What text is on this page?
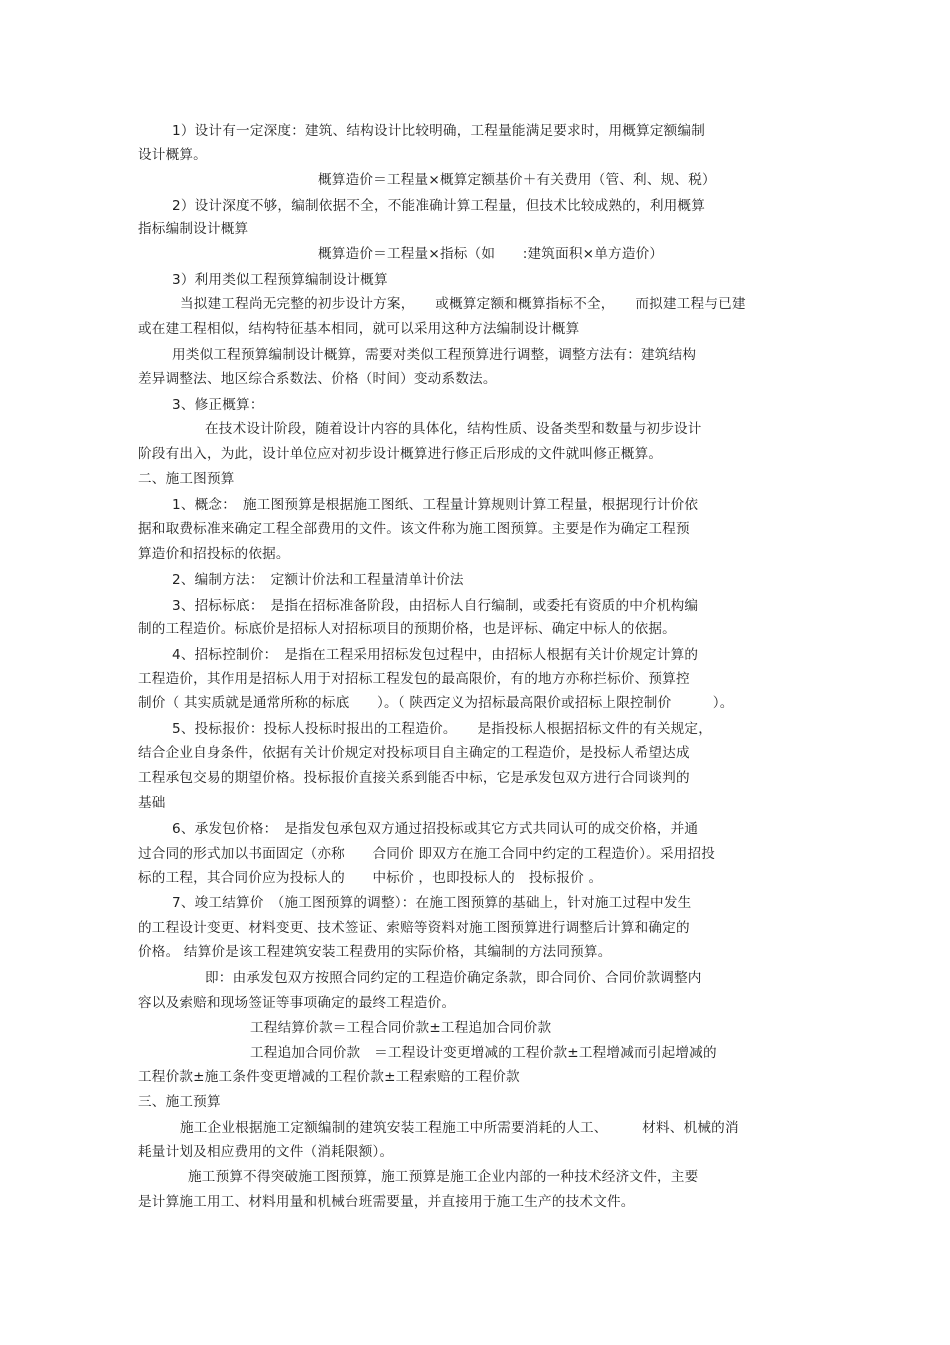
1）设计有一定深度：建筑、结构设计比较明确，工程量能满足要求时，用概算定额编制
设计概算。
概算造价＝工程量×概算定额基价＋有关费用（管、利、规、税）
2）设计深度不够，编制依据不全，不能准确计算工程量，但技术比较成熟的，利用概算
指标编制设计概算
概算造价＝工程量×指标（如　　:建筑面积×单方造价）
3）利用类似工程预算编制设计概算
当拟建工程尚无完整的初步设计方案，　　或概算定额和概算指标不全，　　而拟建工程与已建
或在建工程相似，结构特征基本相同，就可以采用这种方法编制设计概算
用类似工程预算编制设计概算，需要对类似工程预算进行调整，调整方法有：建筑结构
差异调整法、地区综合系数法、价格（时间）变动系数法。
3、修正概算：
在技术设计阶段，随着设计内容的具体化，结构性质、设备类型和数量与初步设计
阶段有出入，为此，设计单位应对初步设计概算进行修正后形成的文件就叫修正概算。
二、施工图预算
1、概念：　施工图预算是根据施工图纸、工程量计算规则计算工程量，根据现行计价依
据和取费标准来确定工程全部费用的文件。该文件称为施工图预算。主要是作为确定工程预
算造价和招投标的依据。
2、编制方法：　定额计价法和工程量清单计价法
3、招标标底：　是指在招标准备阶段，由招标人自行编制，或委托有资质的中介机构编
制的工程造价。标底价是招标人对招标项目的预期价格，也是评标、确定中标人的依据。
4、招标控制价：　是指在工程采用招标发包过程中，由招标人根据有关计价规定计算的
工程造价，其作用是招标人用于对招标工程发包的最高限价，有的地方亦称拦标价、预算控
制价（ 其实质就是通常所称的标底　　）。（ 陕西定义为招标最高限价或招标上限控制价　　　）。
5、投标报价：投标人投标时报出的工程造价。　　是指投标人根据招标文件的有关规定，
结合企业自身条件，依据有关计价规定对投标项目自主确定的工程造价，是投标人希望达成
工程承包交易的期望价格。投标报价直接关系到能否中标，它是承发包双方进行合同谈判的
基础
6、承发包价格：　是指发包承包双方通过招投标或其它方式共同认可的成交价格，并通
过合同的形式加以书面固定（亦称　　合同价 即双方在施工合同中约定的工程造价）。采用招投
标的工程，其合同价应为投标人的　　中标价 ，也即投标人的　投标报价 。
7、竣工结算价　（施工图预算的调整）：在施工图预算的基础上，针对施工过程中发生
的工程设计变更、材料变更、技术签证、索赔等资料对施工图预算进行调整后计算和确定的
价格。 结算价是该工程建筑安装工程费用的实际价格，其编制的方法同预算。
即：由承发包双方按照合同约定的工程造价确定条款，即合同价、合同价款调整内
容以及索赔和现场签证等事项确定的最终工程造价。
工程结算价款＝工程合同价款±工程追加合同价款
工程追加合同价款　＝工程设计变更增减的工程价款±工程增减而引起增减的
工程价款±施工条件变更增减的工程价款±工程索赔的工程价款
三、施工预算
施工企业根据施工定额编制的建筑安装工程施工中所需要消耗的人工、　　　材料、机械的消
耗量计划及相应费用的文件（消耗限额）。
施工预算不得突破施工图预算，施工预算是施工企业内部的一种技术经济文件，主要
是计算施工用工、材料用量和机械台班需要量，并直接用于施工生产的技术文件。
